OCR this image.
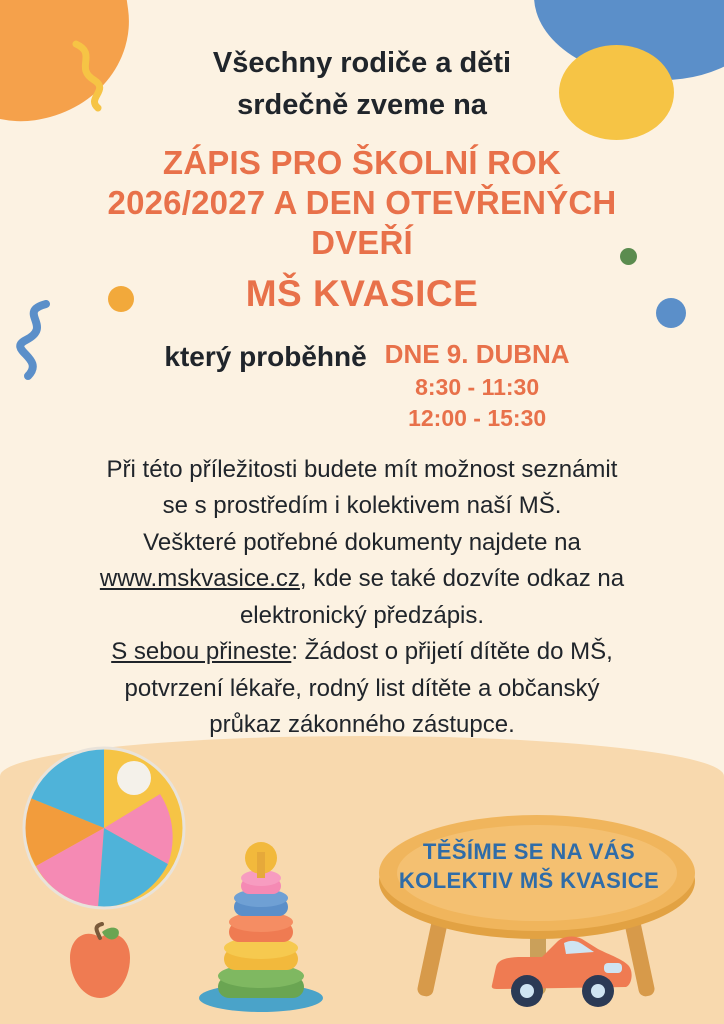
Všechny rodiče a děti
srdečně zveme na
ZÁPIS PRO ŠKOLNÍ ROK
2026/2027 A DEN OTEVŘENÝCH
DVEŘÍ
MŠ KVASICE
který proběhně DNE 9. DUBNA
8:30 - 11:30
12:00 - 15:30
Při této příležitosti budete mít možnost seznámit
se s prostředím i kolektivem naší MŠ.
Veškteré potřebné dokumenty najdete na
www.mskvasice.cz, kde se také dozvíte odkaz na
elektronický předzápis.
S sebou přineste: Žádost o přijetí dítěte do MŠ,
potvrzení lékaře, rodný list dítěte a občanský
průkaz zákonného zástupce.
TĚŠÍME SE NA VÁS
KOLEKTIV MŠ KVASICE
